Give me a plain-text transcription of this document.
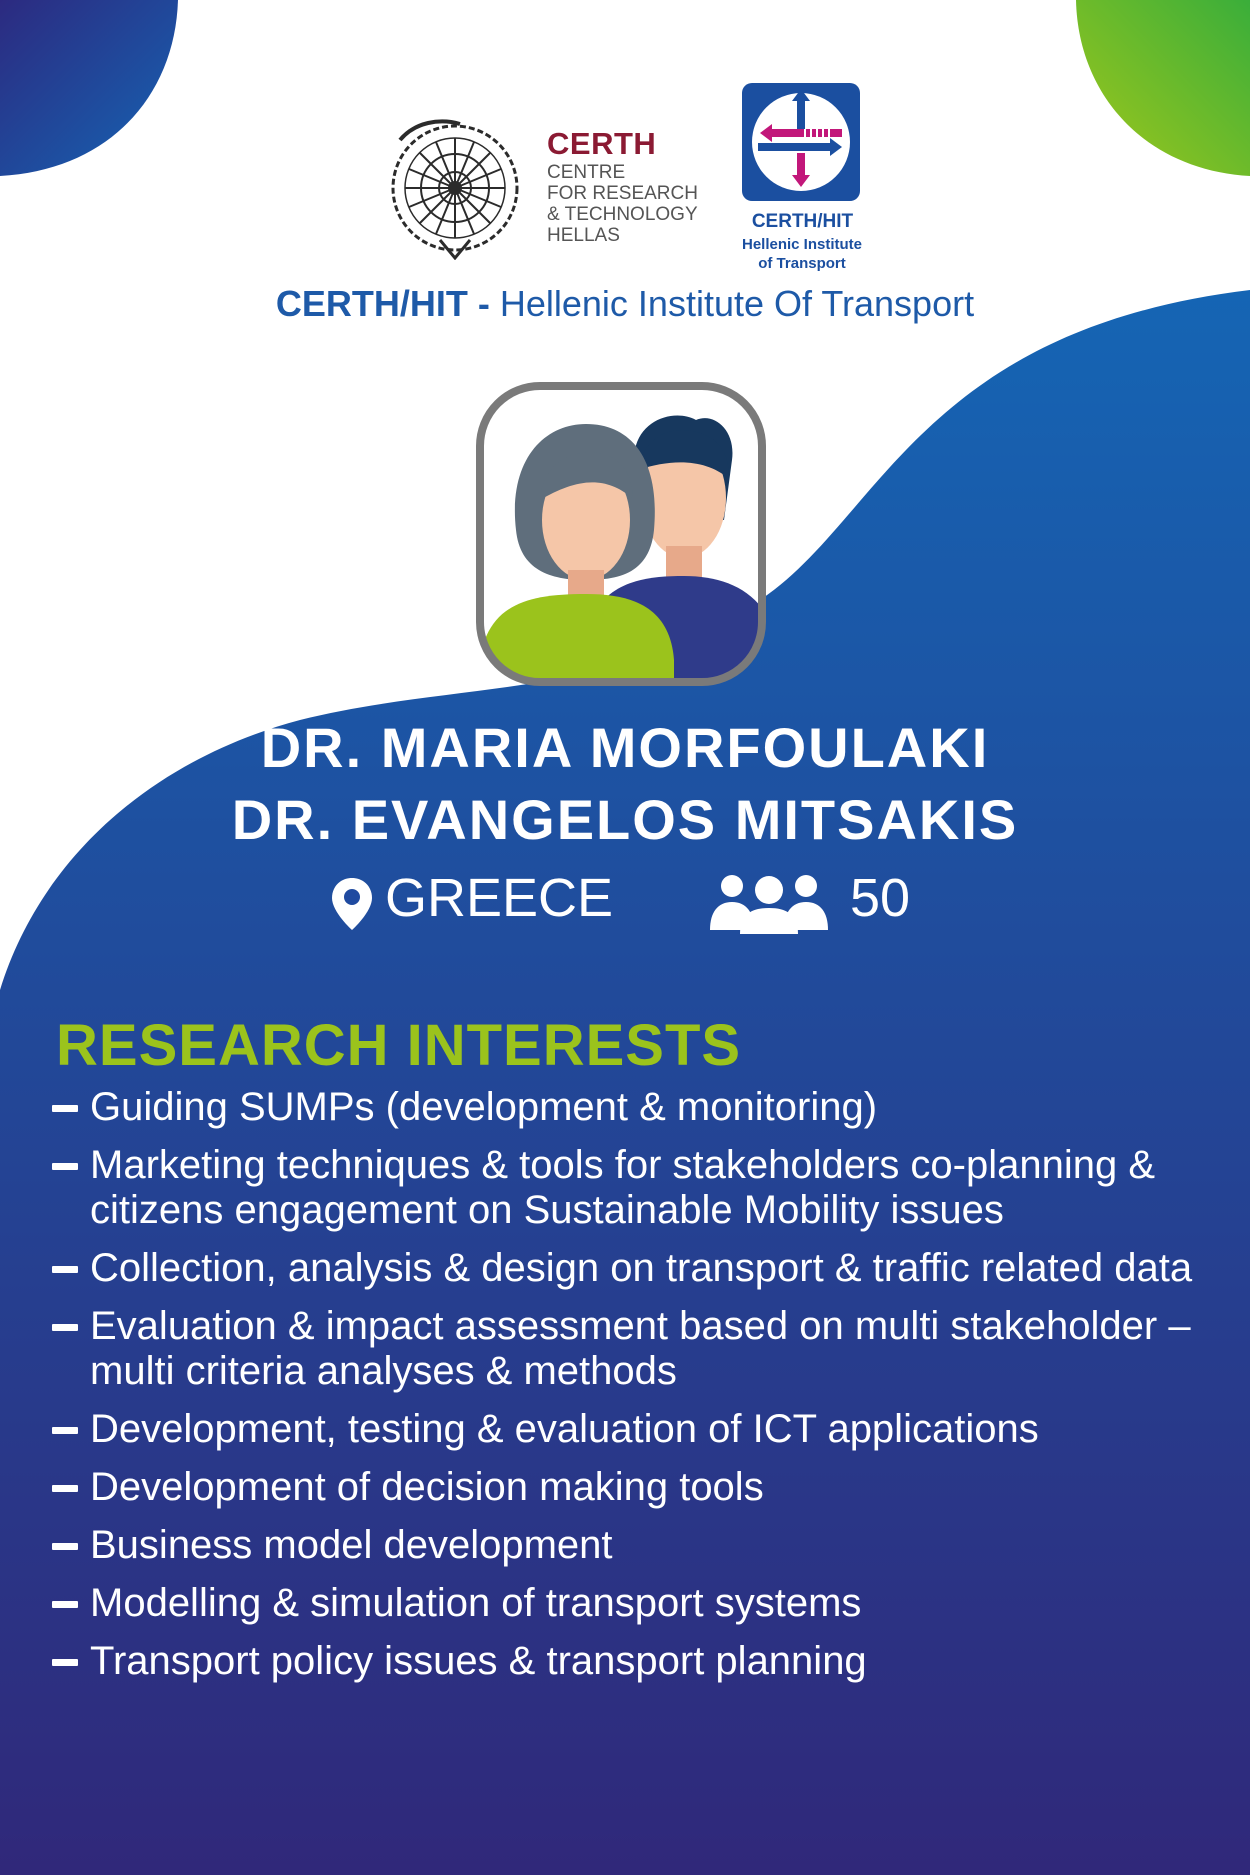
CERTH
CENTRE
FOR RESEARCH
& TECHNOLOGY
HELLAS
CERTH/HIT
Hellenic Institute
of Transport
CERTH/HIT - Hellenic Institute Of Transport
DR. MARIA MORFOULAKI
DR. EVANGELOS MITSAKIS
GREECE	50
RESEARCH INTERESTS
Guiding SUMPs (development & monitoring)
Marketing techniques & tools for stakeholders co-planning & citizens engagement on Sustainable Mobility issues
Collection, analysis & design on transport & traffic related data
Evaluation & impact assessment based on multi stakeholder – multi criteria analyses & methods
Development, testing & evaluation of ICT applications
Development of decision making tools
Business model development
Modelling & simulation of transport systems
Transport policy issues & transport planning
